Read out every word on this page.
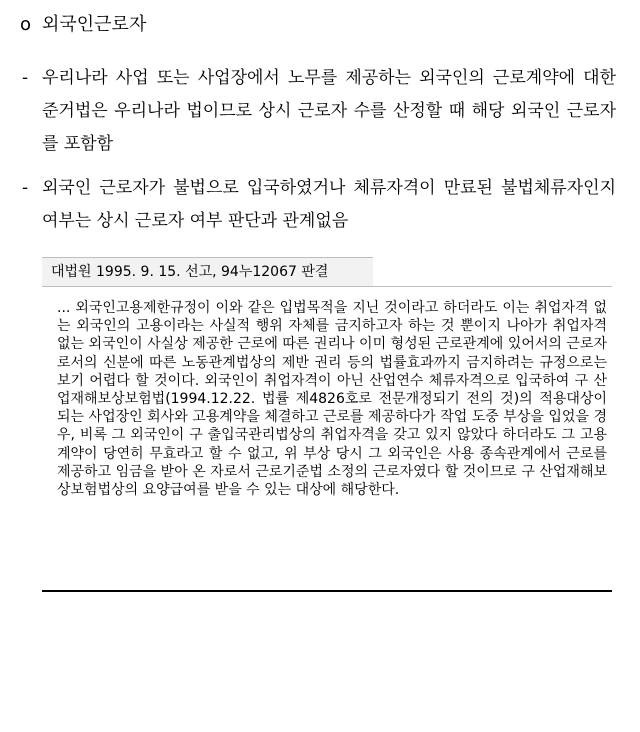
o 외국인근로자
- 우리나라 사업 또는 사업장에서 노무를 제공하는 외국인의 근로계약에 대한 준거법은 우리나라 법이므로 상시 근로자 수를 산정할 때 해당 외국인 근로자를 포함함
- 외국인 근로자가 불법으로 입국하였거나 체류자격이 만료된 불법체류자인지 여부는 상시 근로자 여부 판단과 관계없음
대법원 1995. 9. 15. 선고, 94누12067 판결
... 외국인고용제한규정이 이와 같은 입법목적을 지닌 것이라고 하더라도 이는 취업자격 없는 외국인의 고용이라는 사실적 행위 자체를 금지하고자 하는 것 뿐이지 나아가 취업자격 없는 외국인이 사실상 제공한 근로에 따른 권리나 이미 형성된 근로관계에 있어서의 근로자로서의 신분에 따른 노동관계법상의 제반 권리 등의 법률효과까지 금지하려는 규정으로는 보기 어렵다 할 것이다. 외국인이 취업자격이 아닌 산업연수 체류자격으로 입국하여 구 산업재해보상보험법(1994.12.22. 법률 제4826호로 전문개정되기 전의 것)의 적용대상이 되는 사업장인 회사와 고용계약을 체결하고 근로를 제공하다가 작업 도중 부상을 입었을 경우, 비록 그 외국인이 구 출입국관리법상의 취업자격을 갖고 있지 않았다 하더라도 그 고용계약이 당연히 무효라고 할 수 없고, 위 부상 당시 그 외국인은 사용 종속관계에서 근로를 제공하고 임금을 받아 온 자로서 근로기준법 소정의 근로자였다 할 것이므로 구 산업재해보상보험법상의 요양급여를 받을 수 있는 대상에 해당한다.
